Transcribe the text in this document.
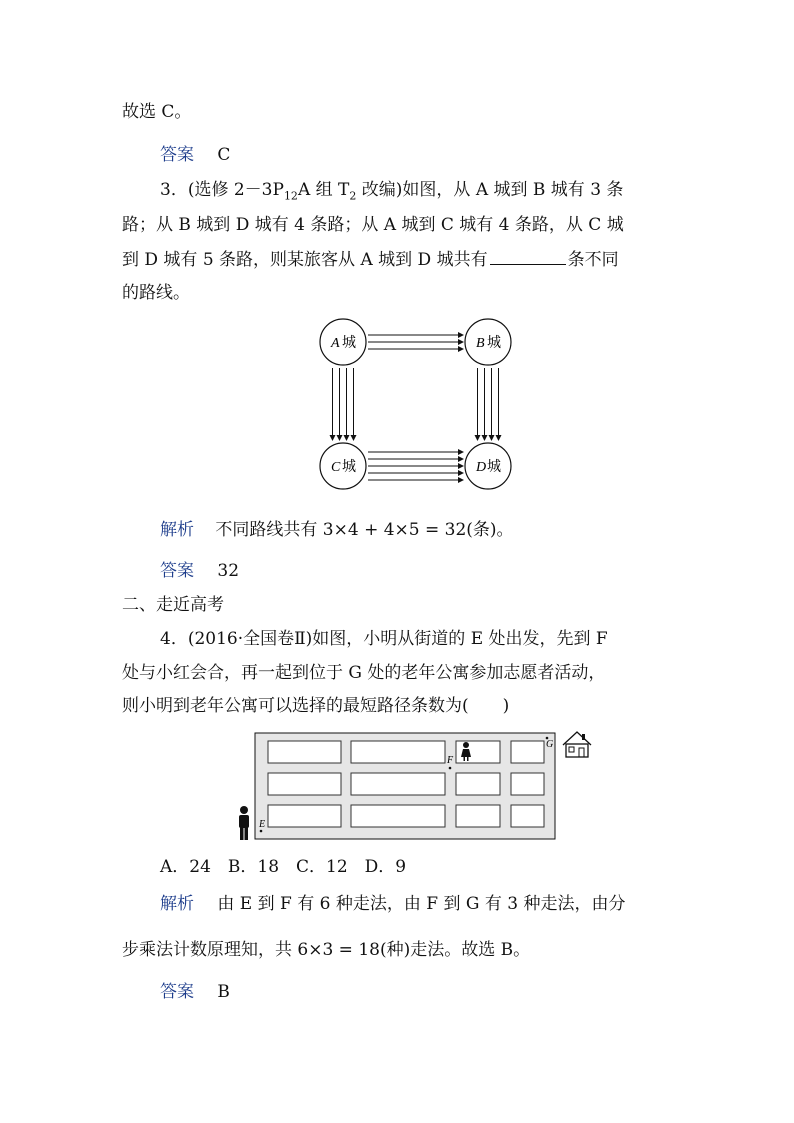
故选 C。
答案 C
3．(选修 $2-3P_{12}A$ 组 $T_2$ 改编)如图，从 A 城到 B 城有 3 条
路；从 B 城到 D 城有 4 条路；从 A 城到 C 城有 4 条路，从 C 城
到 D 城有 5 条路，则某旅客从 A 城到 D 城共有	条不同
的路线。
A 城	B 城
C 城	D 城
解析 不同路线共有 3×4 + 4×5 = 32(条)。
答案 32
二、走近高考
4．(2016·全国卷Ⅱ)如图，小明从街道的 E 处出发，先到 F
处与小红会合，再一起到位于 G 处的老年公寓参加志愿者活动，
则小明到老年公寓可以选择的最短路径条数为(　　)
F
G
E
A．24　B．18　C．12　D．9
解析 由 E 到 F 有 6 种走法，由 F 到 G 有 3 种走法，由分
步乘法计数原理知，共 6×3 = 18(种)走法。故选 B。
答案 B
